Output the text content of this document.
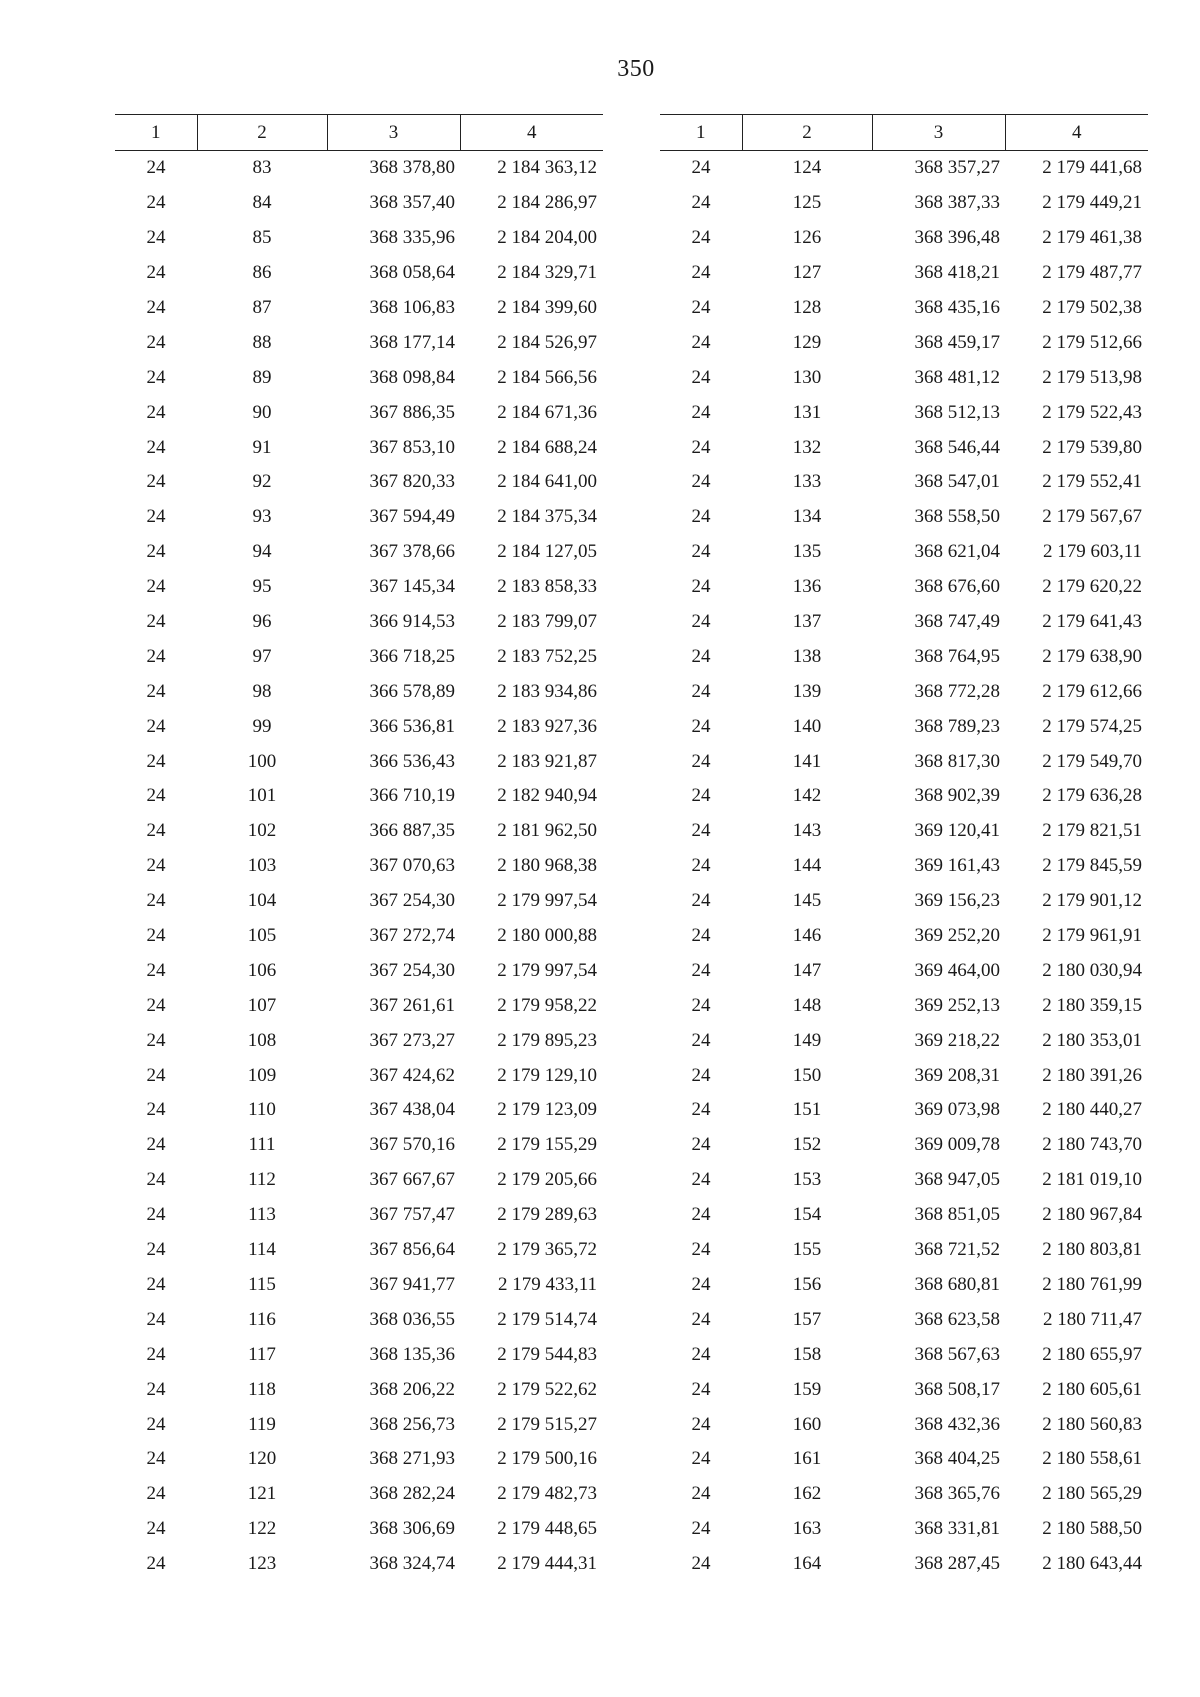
350
1	2	3	4
24	83	368 378,80	2 184 363,12
24	84	368 357,40	2 184 286,97
24	85	368 335,96	2 184 204,00
24	86	368 058,64	2 184 329,71
24	87	368 106,83	2 184 399,60
24	88	368 177,14	2 184 526,97
24	89	368 098,84	2 184 566,56
24	90	367 886,35	2 184 671,36
24	91	367 853,10	2 184 688,24
24	92	367 820,33	2 184 641,00
24	93	367 594,49	2 184 375,34
24	94	367 378,66	2 184 127,05
24	95	367 145,34	2 183 858,33
24	96	366 914,53	2 183 799,07
24	97	366 718,25	2 183 752,25
24	98	366 578,89	2 183 934,86
24	99	366 536,81	2 183 927,36
24	100	366 536,43	2 183 921,87
24	101	366 710,19	2 182 940,94
24	102	366 887,35	2 181 962,50
24	103	367 070,63	2 180 968,38
24	104	367 254,30	2 179 997,54
24	105	367 272,74	2 180 000,88
24	106	367 254,30	2 179 997,54
24	107	367 261,61	2 179 958,22
24	108	367 273,27	2 179 895,23
24	109	367 424,62	2 179 129,10
24	110	367 438,04	2 179 123,09
24	111	367 570,16	2 179 155,29
24	112	367 667,67	2 179 205,66
24	113	367 757,47	2 179 289,63
24	114	367 856,64	2 179 365,72
24	115	367 941,77	2 179 433,11
24	116	368 036,55	2 179 514,74
24	117	368 135,36	2 179 544,83
24	118	368 206,22	2 179 522,62
24	119	368 256,73	2 179 515,27
24	120	368 271,93	2 179 500,16
24	121	368 282,24	2 179 482,73
24	122	368 306,69	2 179 448,65
24	123	368 324,74	2 179 444,31
1	2	3	4
24	124	368 357,27	2 179 441,68
24	125	368 387,33	2 179 449,21
24	126	368 396,48	2 179 461,38
24	127	368 418,21	2 179 487,77
24	128	368 435,16	2 179 502,38
24	129	368 459,17	2 179 512,66
24	130	368 481,12	2 179 513,98
24	131	368 512,13	2 179 522,43
24	132	368 546,44	2 179 539,80
24	133	368 547,01	2 179 552,41
24	134	368 558,50	2 179 567,67
24	135	368 621,04	2 179 603,11
24	136	368 676,60	2 179 620,22
24	137	368 747,49	2 179 641,43
24	138	368 764,95	2 179 638,90
24	139	368 772,28	2 179 612,66
24	140	368 789,23	2 179 574,25
24	141	368 817,30	2 179 549,70
24	142	368 902,39	2 179 636,28
24	143	369 120,41	2 179 821,51
24	144	369 161,43	2 179 845,59
24	145	369 156,23	2 179 901,12
24	146	369 252,20	2 179 961,91
24	147	369 464,00	2 180 030,94
24	148	369 252,13	2 180 359,15
24	149	369 218,22	2 180 353,01
24	150	369 208,31	2 180 391,26
24	151	369 073,98	2 180 440,27
24	152	369 009,78	2 180 743,70
24	153	368 947,05	2 181 019,10
24	154	368 851,05	2 180 967,84
24	155	368 721,52	2 180 803,81
24	156	368 680,81	2 180 761,99
24	157	368 623,58	2 180 711,47
24	158	368 567,63	2 180 655,97
24	159	368 508,17	2 180 605,61
24	160	368 432,36	2 180 560,83
24	161	368 404,25	2 180 558,61
24	162	368 365,76	2 180 565,29
24	163	368 331,81	2 180 588,50
24	164	368 287,45	2 180 643,44
